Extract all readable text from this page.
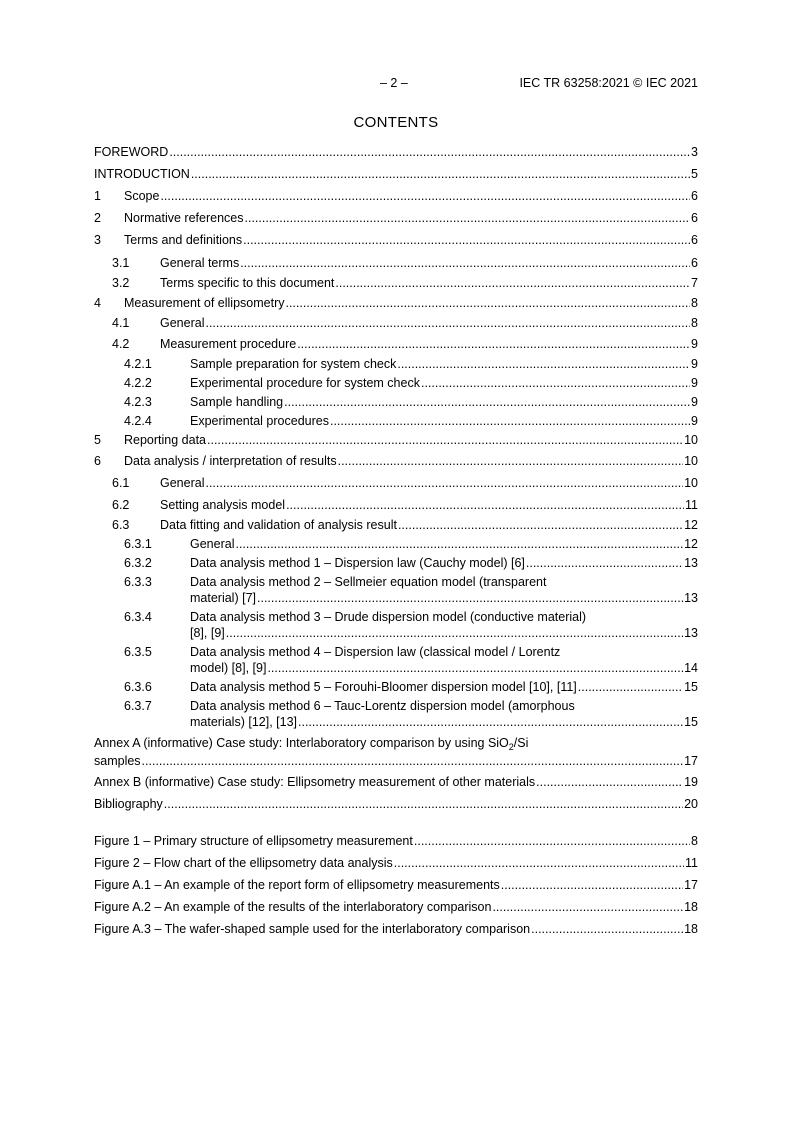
– 2 –	IEC TR 63258:2021 © IEC 2021
CONTENTS
FOREWORD .....	3
INTRODUCTION .....	5
1 Scope .....	6
2 Normative references .....	6
3 Terms and definitions .....	6
3.1 General terms .....	6
3.2 Terms specific to this document .....	7
4 Measurement of ellipsometry .....	8
4.1 General .....	8
4.2 Measurement procedure .....	9
4.2.1	Sample preparation for system check .....	9
4.2.2	Experimental procedure for system check .....	9
4.2.3	Sample handling .....	9
4.2.4	Experimental procedures .....	9
5 Reporting data .....	10
6 Data analysis / interpretation of results .....	10
6.1 General .....	10
6.2 Setting analysis model .....	11
6.3 Data fitting and validation of analysis result .....	12
6.3.1	General .....	12
6.3.2	Data analysis method 1 – Dispersion law (Cauchy model) [6] .....	13
6.3.3	Data analysis method 2 – Sellmeier equation model (transparent
material) [7] .....	13
6.3.4	Data analysis method 3 – Drude dispersion model (conductive material)
[8], [9] .....	13
6.3.5	Data analysis method 4 – Dispersion law (classical model / Lorentz
model) [8], [9] .....	14
6.3.6	Data analysis method 5 – Forouhi-Bloomer dispersion model [10], [11] .....	15
6.3.7	Data analysis method 6 – Tauc-Lorentz dispersion model (amorphous
materials) [12], [13] .....	15
Annex A (informative) Case study: Interlaboratory comparison by using SiO$_2$/Si
samples .....	17
Annex B (informative) Case study: Ellipsometry measurement of other materials .....	19
Bibliography .....	20
Figure 1 – Primary structure of ellipsometry measurement .....	8
Figure 2 – Flow chart of the ellipsometry data analysis .....	11
Figure A.1 – An example of the report form of ellipsometry measurements .....	17
Figure A.2 – An example of the results of the interlaboratory comparison .....	18
Figure A.3 – The wafer-shaped sample used for the interlaboratory comparison .....	18
